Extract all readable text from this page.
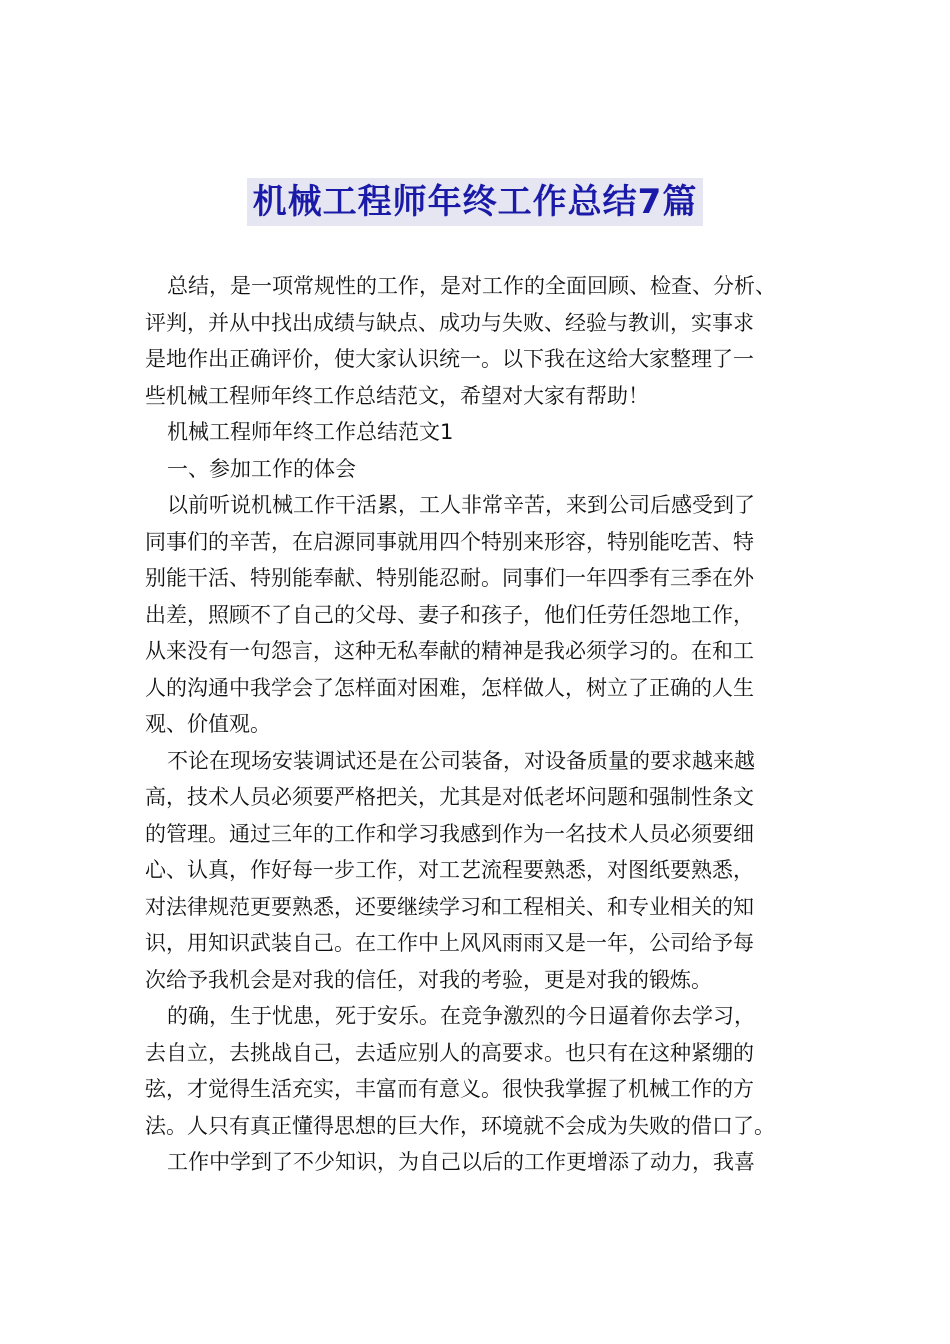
机械工程师年终工作总结7篇
总结，是一项常规性的工作，是对工作的全面回顾、检查、分析、
评判，并从中找出成绩与缺点、成功与失败、经验与教训，实事求
是地作出正确评价，使大家认识统一。以下我在这给大家整理了一
些机械工程师年终工作总结范文，希望对大家有帮助！
机械工程师年终工作总结范文1
一、参加工作的体会
以前听说机械工作干活累，工人非常辛苦，来到公司后感受到了
同事们的辛苦，在启源同事就用四个特别来形容，特别能吃苦、特
别能干活、特别能奉献、特别能忍耐。同事们一年四季有三季在外
出差，照顾不了自己的父母、妻子和孩子，他们任劳任怨地工作，
从来没有一句怨言，这种无私奉献的精神是我必须学习的。在和工
人的沟通中我学会了怎样面对困难，怎样做人，树立了正确的人生
观、价值观。
不论在现场安装调试还是在公司装备，对设备质量的要求越来越
高，技术人员必须要严格把关，尤其是对低老坏问题和强制性条文
的管理。通过三年的工作和学习我感到作为一名技术人员必须要细
心、认真，作好每一步工作，对工艺流程要熟悉，对图纸要熟悉，
对法律规范更要熟悉，还要继续学习和工程相关、和专业相关的知
识，用知识武装自己。在工作中上风风雨雨又是一年，公司给予每
次给予我机会是对我的信任，对我的考验，更是对我的锻炼。
的确，生于忧患，死于安乐。在竞争激烈的今日逼着你去学习，
去自立，去挑战自己，去适应别人的高要求。也只有在这种紧绷的
弦，才觉得生活充实，丰富而有意义。很快我掌握了机械工作的方
法。人只有真正懂得思想的巨大作，环境就不会成为失败的借口了。
工作中学到了不少知识，为自己以后的工作更增添了动力，我喜
